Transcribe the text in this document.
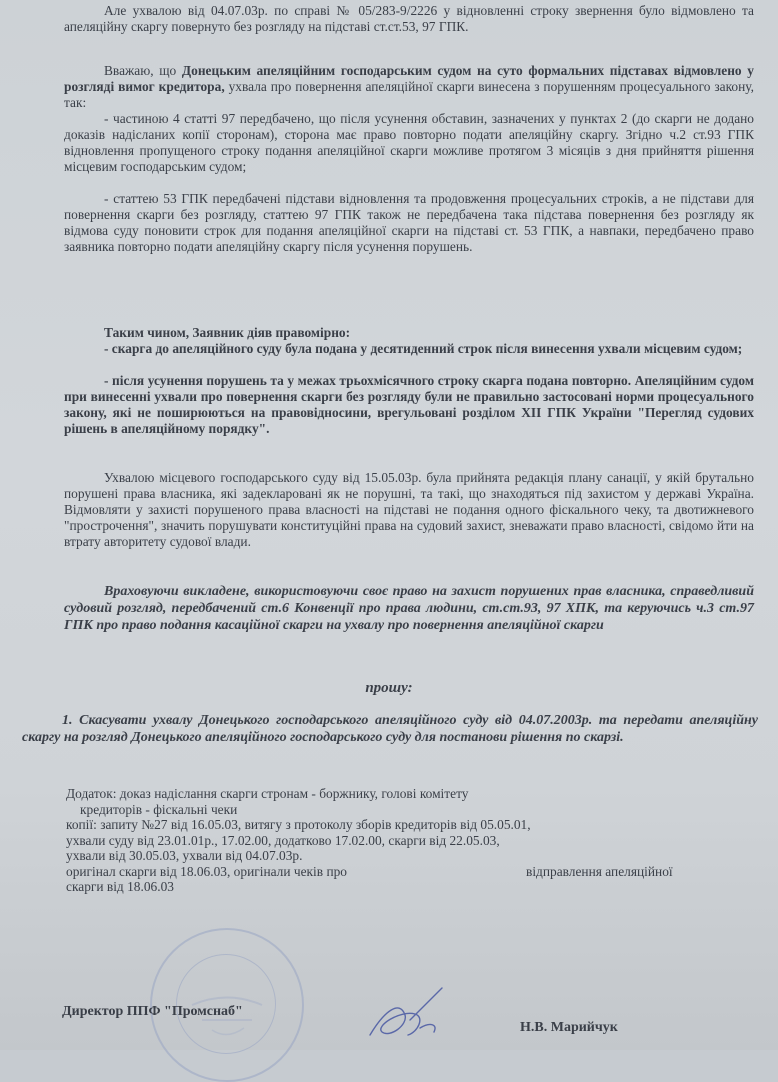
Але ухвалою від 04.07.03р. по справі № 05/283-9/2226 у відновленні строку звернення було відмовлено та апеляційну скаргу повернуто без розгляду на підставі ст.ст.53, 97 ГПК.

Вважаю, що Донецьким апеляційним господарським судом на суто формальних підставах відмовлено у розгляді вимог кредитора, ухвала про повернення апеляційної скарги винесена з порушенням процесуального закону, так:

- частиною 4 статті 97 передбачено, що після усунення обставин, зазначених у пунктах 2 (до скарги не додано доказів надісланих копії сторонам), сторона має право повторно подати апеляційну скаргу. Згідно ч.2 ст.93 ГПК відновлення пропущеного строку подання апеляційної скарги можливе протягом 3 місяців з дня прийняття рішення місцевим господарським судом;

- статтею 53 ГПК передбачені підстави відновлення та продовження процесуальних строків, а не підстави для повернення скарги без розгляду, статтею 97 ГПК також не передбачена така підстава повернення без розгляду як відмова суду поновити строк для подання апеляційної скарги на підставі ст. 53 ГПК, а навпаки, передбачено право заявника повторно подати апеляційну скаргу після усунення порушень.

Таким чином, Заявник діяв правомірно:

- скарга до апеляційного суду була подана у десятиденний строк після винесення ухвали місцевим судом;

- після усунення порушень та у межах трьохмісячного строку скарга подана повторно. Апеляційним судом при винесенні ухвали про повернення скарги без розгляду були не правильно застосовані норми процесуального закону, які не поширюються на правовідносини, врегульовані розділом XII ГПК України "Перегляд судових рішень в апеляційному порядку".

Ухвалою місцевого господарського суду від 15.05.03р. була прийнята редакція плану санації, у якій брутально порушені права власника, які задекларовані як не порушні, та такі, що знаходяться під захистом у державі Україна. Відмовляти у захисті порушеного права власності на підставі не подання одного фіскального чеку, та двотижневого "прострочення", значить порушувати конституційні права на судовий захист, зневажати право власності, свідомо йти на втрату авторитету судової влади.

Враховуючи викладене, використовуючи своє право на захист порушених прав власника, справедливий судовий розгляд, передбачений ст.6 Конвенції про права людини, ст.ст.93, 97 ХПК, та керуючись ч.3 ст.97 ГПК про право подання касаційної скарги на ухвалу про повернення апеляційної скарги

прошу:

1. Скасувати ухвалу Донецького господарського апеляційного суду від 04.07.2003р. та передати апеляційну скаргу на розгляд Донецького апеляційного господарського суду для постанови рішення по скарзі.

Додаток: доказ надіслання скарги стронам - боржнику, голові комітету
кредиторів - фіскальні чеки
копії: запиту №27 від 16.05.03, витягу з протоколу зборів кредиторів від 05.05.01,
ухвали суду від 23.01.01р., 17.02.00, додатково 17.02.00, скарги від 22.05.03,
ухвали від 30.05.03, ухвали від 04.07.03р.
оригінал скарги від 18.06.03, оригінали чеків про	відправлення апеляційної
скарги від 18.06.03
Директор ППФ "Промснаб"
Н.В. Марийчук
